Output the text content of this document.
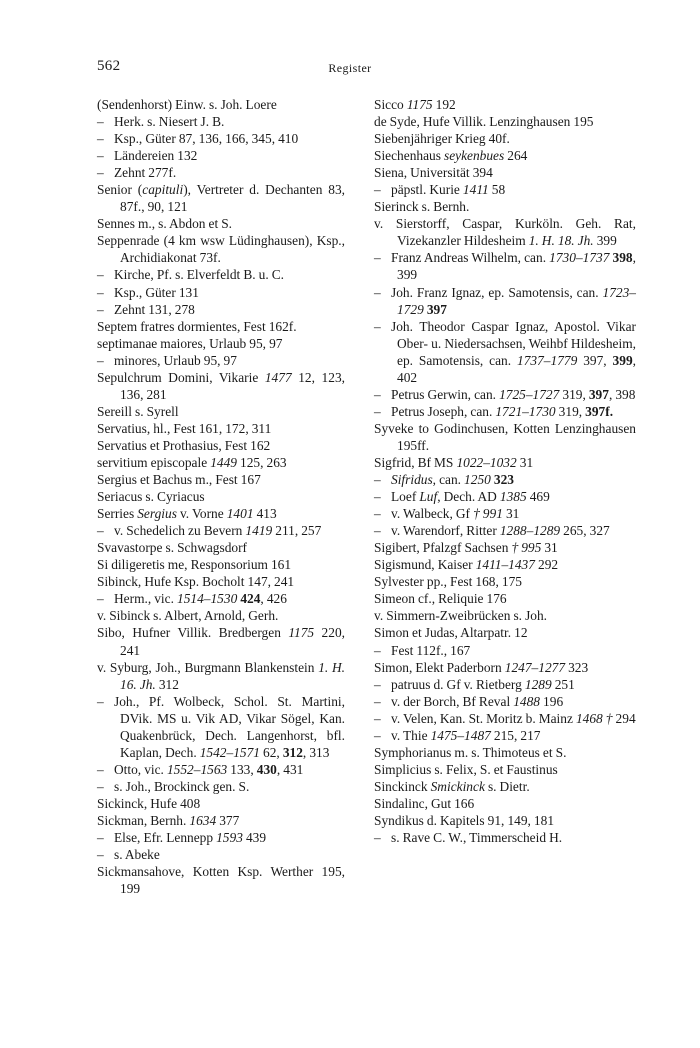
562	Register
(Sendenhorst) Einw. s. Joh. Loere
– Herk. s. Niesert J. B.
– Ksp., Güter 87, 136, 166, 345, 410
– Ländereien 132
– Zehnt 277f.
Senior (capituli), Vertreter d. Dechanten 83, 87f., 90, 121
Sennes m., s. Abdon et S.
Seppenrade (4 km wsw Lüdinghausen), Ksp., Archidiakonat 73f.
– Kirche, Pf. s. Elverfeldt B. u. C.
– Ksp., Güter 131
– Zehnt 131, 278
Septem fratres dormientes, Fest 162f.
septimanae maiores, Urlaub 95, 97
– minores, Urlaub 95, 97
Sepulchrum Domini, Vikarie 1477 12, 123, 136, 281
Sereill s. Syrell
Servatius, hl., Fest 161, 172, 311
Servatius et Prothasius, Fest 162
servitium episcopale 1449 125, 263
Sergius et Bachus m., Fest 167
Seriacus s. Cyriacus
Serries Sergius v. Vorne 1401 413
– v. Schedelich zu Bevern 1419 211, 257
Svavastorpe s. Schwagsdorf
Si diligeretis me, Responsorium 161
Sibinck, Hufe Ksp. Bocholt 147, 241
– Herm., vic. 1514–1530 424, 426
v. Sibinck s. Albert, Arnold, Gerh.
Sibo, Hufner Villik. Bredbergen 1175 220, 241
v. Syburg, Joh., Burgmann Blankenstein 1. H. 16. Jh. 312
– Joh., Pf. Wolbeck, Schol. St. Martini, DVik. MS u. Vik AD, Vikar Sögel, Kan. Quakenbrück, Dech. Langenhorst, bfl. Kaplan, Dech. 1542–1571 62, 312, 313
– Otto, vic. 1552–1563 133, 430, 431
– s. Joh., Brockinck gen. S.
Sickinck, Hufe 408
Sickman, Bernh. 1634 377
– Else, Efr. Lennepp 1593 439
– s. Abeke
Sickmansahove, Kotten Ksp. Werther 195, 199
Sicco 1175 192
de Syde, Hufe Villik. Lenzinghausen 195
Siebenjähriger Krieg 40f.
Siechenhaus seykenbues 264
Siena, Universität 394
– päpstl. Kurie 1411 58
Sierinck s. Bernh.
v. Sierstorff, Caspar, Kurköln. Geh. Rat, Vizekanzler Hildesheim 1. H. 18. Jh. 399
– Franz Andreas Wilhelm, can. 1730–1737 398, 399
– Joh. Franz Ignaz, ep. Samotensis, can. 1723–1729 397
– Joh. Theodor Caspar Ignaz, Apostol. Vikar Ober- u. Niedersachsen, Weihbf Hildesheim, ep. Samotensis, can. 1737–1779 397, 399, 402
– Petrus Gerwin, can. 1725–1727 319, 397, 398
– Petrus Joseph, can. 1721–1730 319, 397f.
Syveke to Godinchusen, Kotten Lenzinghausen 195ff.
Sigfrid, Bf MS 1022–1032 31
– Sifridus, can. 1250 323
– Loef Luf, Dech. AD 1385 469
– v. Walbeck, Gf † 991 31
– v. Warendorf, Ritter 1288–1289 265, 327
Sigibert, Pfalzgf Sachsen † 995 31
Sigismund, Kaiser 1411–1437 292
Sylvester pp., Fest 168, 175
Simeon cf., Reliquie 176
v. Simmern-Zweibrücken s. Joh.
Simon et Judas, Altarpatr. 12
– Fest 112f., 167
Simon, Elekt Paderborn 1247–1277 323
– patruus d. Gf v. Rietberg 1289 251
– v. der Borch, Bf Reval 1488 196
– v. Velen, Kan. St. Moritz b. Mainz 1468 † 294
– v. Thie 1475–1487 215, 217
Symphorianus m. s. Thimoteus et S.
Simplicius s. Felix, S. et Faustinus
Sinckinck Smickinck s. Dietr.
Sindalinc, Gut 166
Syndikus d. Kapitels 91, 149, 181
– s. Rave C. W., Timmerscheid H.
